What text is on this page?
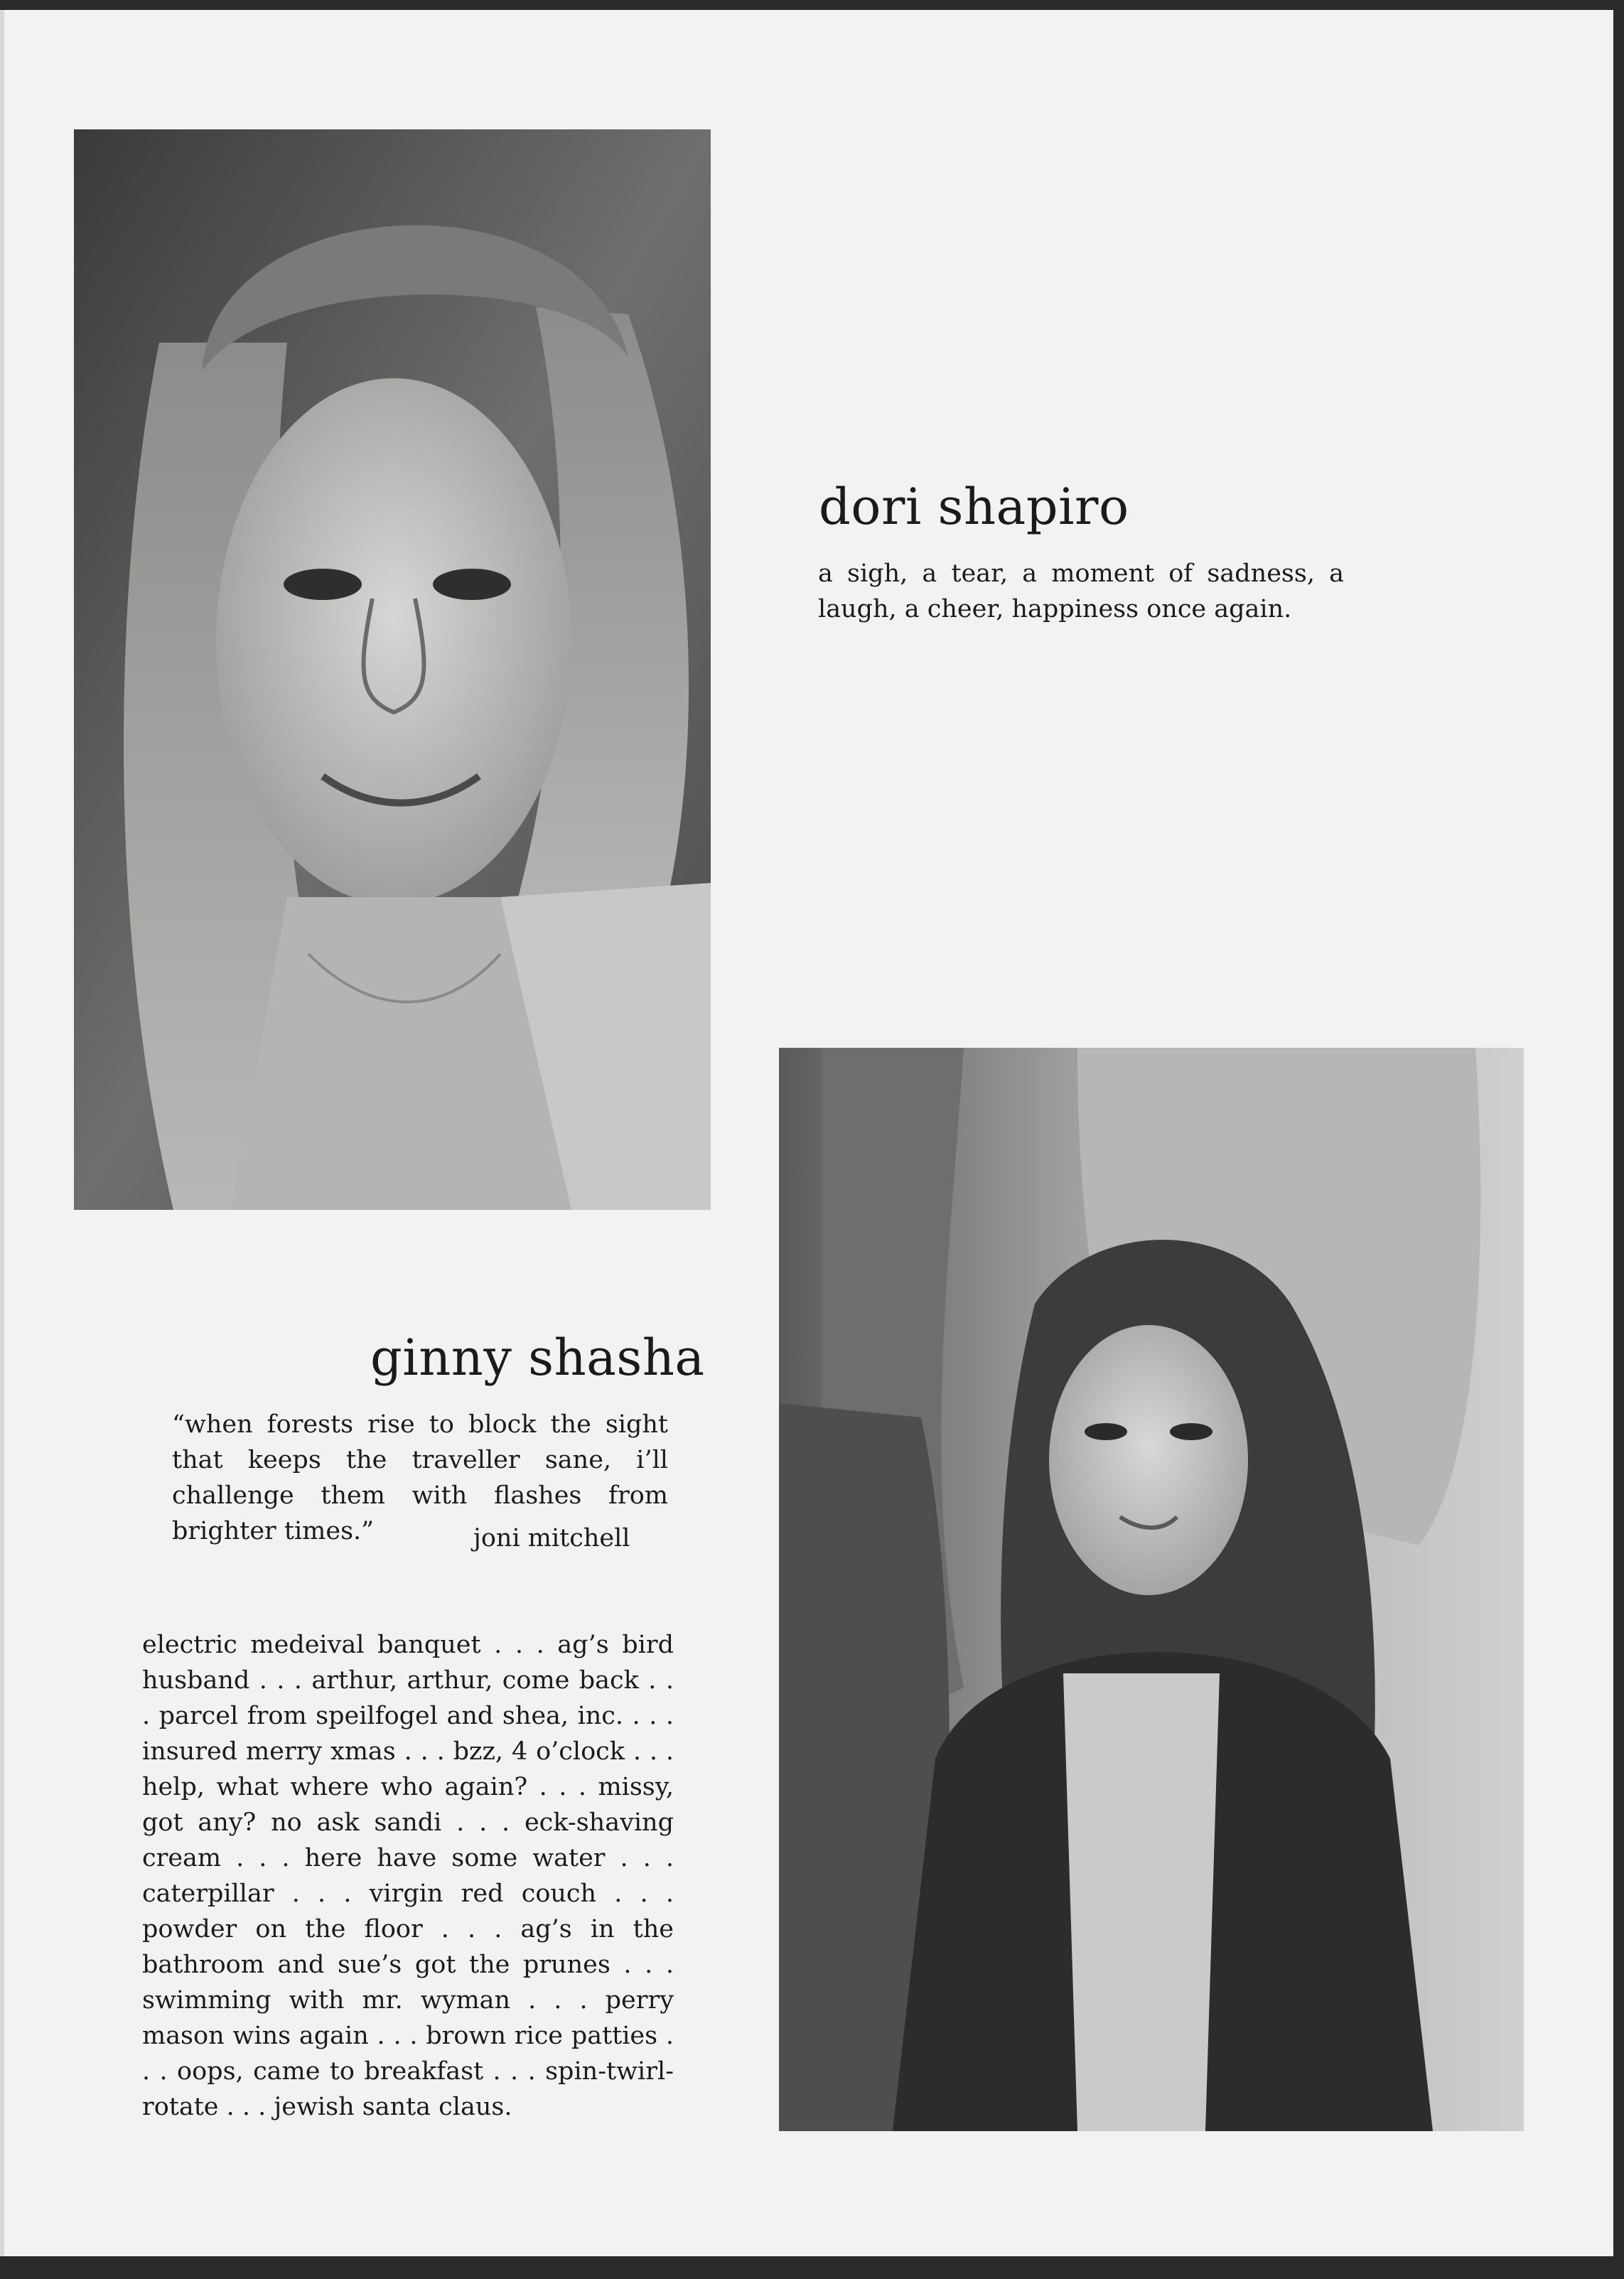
dori shapiro

a sigh, a tear, a moment of sadness, a laugh, a cheer, happiness once again.

ginny shasha

“when forests rise to block the sight that keeps the traveller sane, i’ll challenge them with flashes from brighter times.”	joni mitchell

electric medeival banquet . . . ag’s bird husband . . . arthur, arthur, come back . . . parcel from speilfogel and shea, inc. . . . insured merry xmas . . . bzz, 4 o’clock . . . help, what where who again? . . . missy, got any? no ask sandi . . . eck-shaving cream . . . here have some water . . . caterpillar . . . virgin red couch . . . powder on the floor . . . ag’s in the bathroom and sue’s got the prunes . . . swimming with mr. wyman . . . perry mason wins again . . . brown rice patties . . . oops, came to breakfast . . . spin-twirl-rotate . . . jewish santa claus.
